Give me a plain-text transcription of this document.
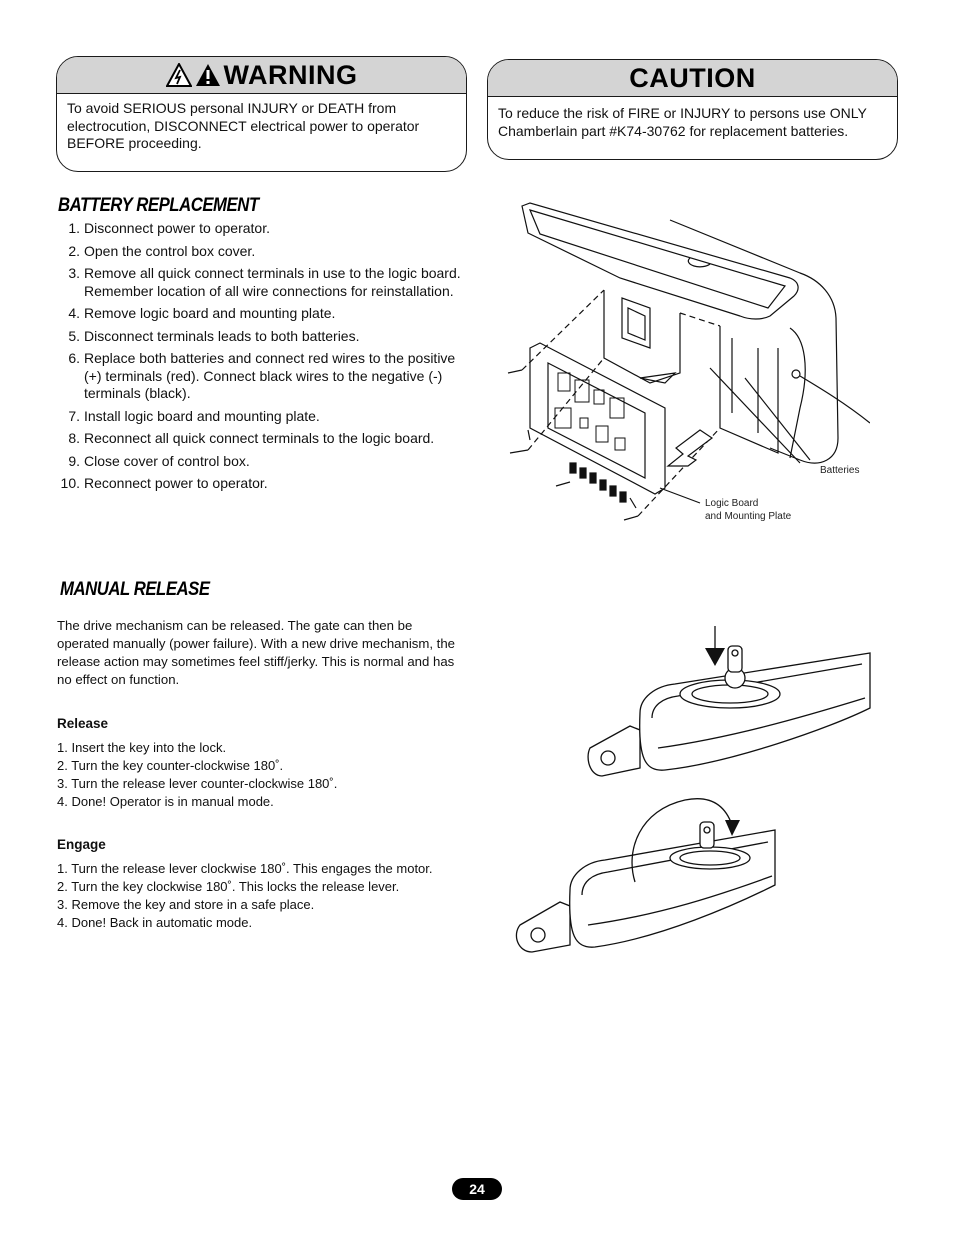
WARNING
To avoid SERIOUS personal INJURY or DEATH from electrocution, DISCONNECT electrical power to operator BEFORE proceeding.
CAUTION
To reduce the risk of FIRE or INJURY to persons use ONLY Chamberlain part #K74-30762 for replacement batteries.
BATTERY REPLACEMENT
1. Disconnect power to operator.
2. Open the control box cover.
3. Remove all quick connect terminals in use to the logic board. Remember location of all wire connections for reinstallation.
4. Remove logic board and mounting plate.
5. Disconnect terminals leads to both batteries.
6. Replace both batteries and connect red wires to the positive (+) terminals (red). Connect black wires to the negative (-) terminals (black).
7. Install logic board and mounting plate.
8. Reconnect all quick connect terminals to the logic board.
9. Close cover of control box.
10. Reconnect power to operator.
Batteries
Logic Board
and Mounting Plate
MANUAL RELEASE
The drive mechanism can be released. The gate can then be operated manually (power failure). With a new drive mechanism, the release action may sometimes feel stiff/jerky. This is normal and has no effect on function.
Release
1. Insert the key into the lock.
2. Turn the key counter-clockwise 180˚.
3. Turn the release lever counter-clockwise 180˚.
4. Done! Operator is in manual mode.
Engage
1. Turn the release lever clockwise 180˚. This engages the motor.
2. Turn the key clockwise 180˚. This locks the release lever.
3. Remove the key and store in a safe place.
4. Done! Back in automatic mode.
24
